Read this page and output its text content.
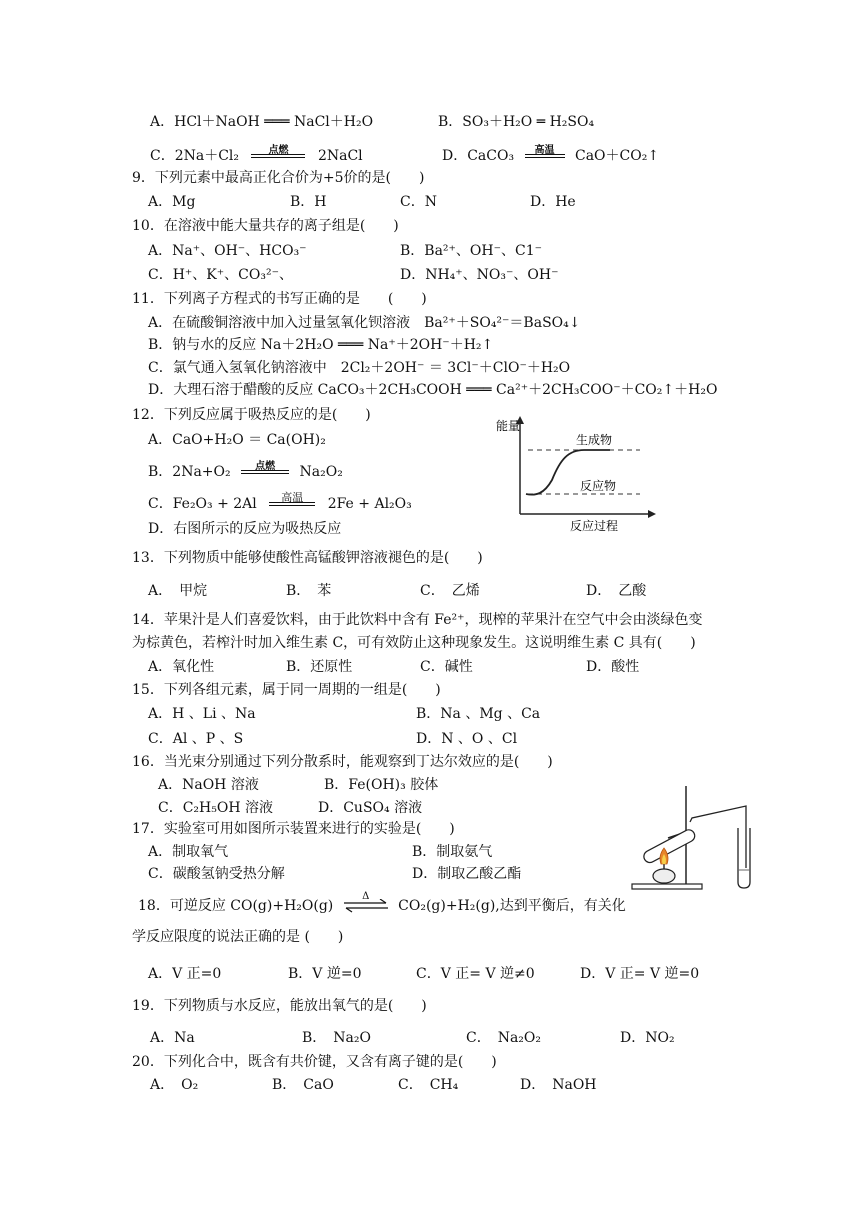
A．HCl＋NaOH ═══ NaCl＋H₂O	B．SO₃＋H₂O ═ H₂SO₄
C．2Na＋Cl₂	点燃	2NaCl	D．CaCO₃	高温	CaO＋CO₂↑
9．下列元素中最高正化合价为+5价的是(　　)
A．Mg	B．H	C．N	D．He
10．在溶液中能大量共存的离子组是(　　)
A．Na⁺、OH⁻、HCO₃⁻	B．Ba²⁺、OH⁻、C1⁻
C．H⁺、K⁺、CO₃²⁻、	D．NH₄⁺、NO₃⁻、OH⁻
11．下列离子方程式的书写正确的是　　(　　)
A．在硫酸铜溶液中加入过量氢氧化钡溶液　Ba²⁺＋SO₄²⁻＝BaSO₄↓
B．钠与水的反应 Na＋2H₂O ═══ Na⁺＋2OH⁻＋H₂↑
C．氯气通入氢氧化钠溶液中　2Cl₂＋2OH⁻ ＝ 3Cl⁻＋ClO⁻＋H₂O
D．大理石溶于醋酸的反应 CaCO₃＋2CH₃COOH ═══ Ca²⁺＋2CH₃COO⁻＋CO₂↑＋H₂O
12．下列反应属于吸热反应的是(　　)
A．CaO+H₂O ＝ Ca(OH)₂
B．2Na+O₂	点燃	Na₂O₂
C．Fe₂O₃ + 2Al	高温	2Fe + Al₂O₃
D．右图所示的反应为吸热反应
能量
生成物
反应物
反应过程
13．下列物质中能够使酸性高锰酸钾溶液褪色的是(　　)
A．　甲烷	B．　苯	C．　乙烯	D．　乙酸
14．苹果汁是人们喜爱饮料，由于此饮料中含有 Fe²⁺，现榨的苹果汁在空气中会由淡绿色变
为棕黄色，若榨汁时加入维生素 C，可有效防止这种现象发生。这说明维生素 C 具有(　　)
A．氧化性	B．还原性	C．碱性	D．酸性
15．下列各组元素，属于同一周期的一组是(　　)
A．H 、Li 、Na	B．Na 、Mg 、Ca
C．Al 、P 、S	D．N 、O 、Cl
16．当光束分别通过下列分散系时，能观察到丁达尔效应的是(　　)
A．NaOH 溶液	B．Fe(OH)₃ 胶体
C．C₂H₅OH 溶液	D．CuSO₄ 溶液
17．实验室可用如图所示装置来进行的实验是(　　)
A．制取氧气	B．制取氨气
C．碳酸氢钠受热分解	D．制取乙酸乙酯
18．可逆反应 CO(g)+H₂O(g)
Δ
CO₂(g)+H₂(g),达到平衡后，有关化
学反应限度的说法正确的是 (　　)
A．V 正=0	B．V 逆=0	C．V 正= V 逆≠0	D．V 正= V 逆=0
19．下列物质与水反应，能放出氧气的是(　　)
A．Na	B．　Na₂O	C．　Na₂O₂	D．NO₂
20．下列化合中，既含有共价键，又含有离子键的是(　　)
A．　O₂	B．　CaO	C．　CH₄	D．　NaOH
